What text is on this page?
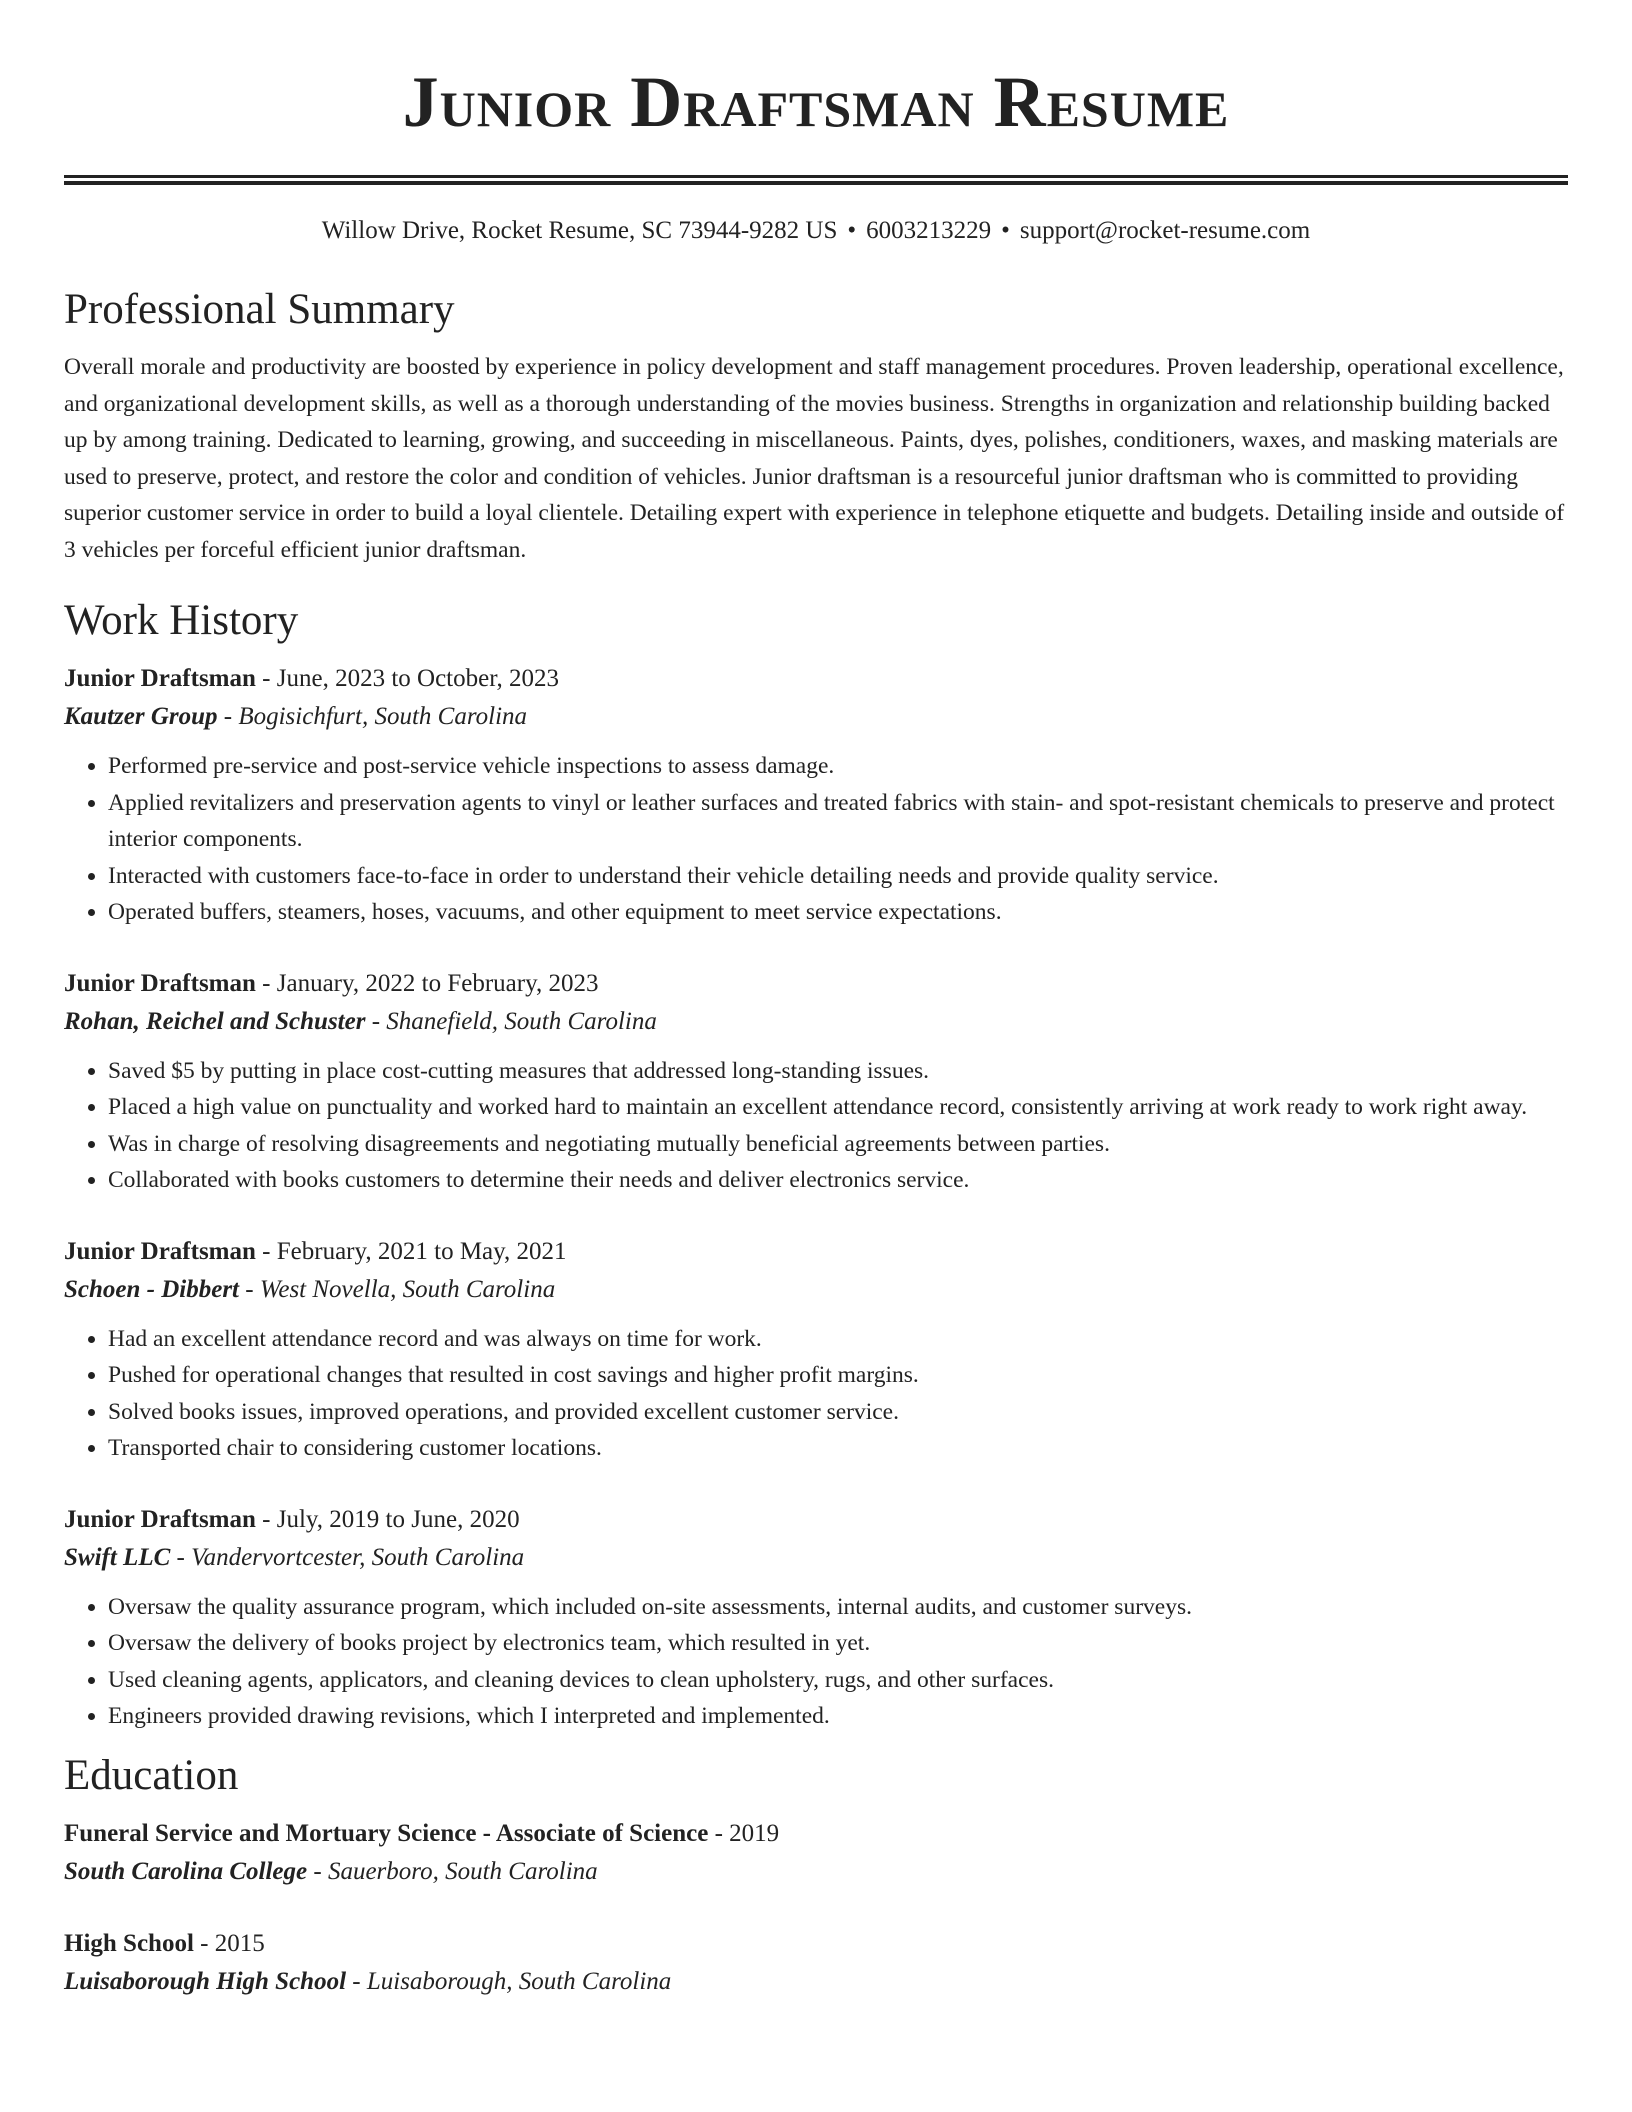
Junior Draftsman Resume
Willow Drive, Rocket Resume, SC 73944-9282 US • 6003213229 • support@rocket-resume.com
Professional Summary

Overall morale and productivity are boosted by experience in policy development and staff management procedures. Proven leadership, operational excellence, and organizational development skills, as well as a thorough understanding of the movies business. Strengths in organization and relationship building backed up by among training. Dedicated to learning, growing, and succeeding in miscellaneous. Paints, dyes, polishes, conditioners, waxes, and masking materials are used to preserve, protect, and restore the color and condition of vehicles. Junior draftsman is a resourceful junior draftsman who is committed to providing superior customer service in order to build a loyal clientele. Detailing expert with experience in telephone etiquette and budgets. Detailing inside and outside of 3 vehicles per forceful efficient junior draftsman.

Work History
Junior Draftsman - June, 2023 to October, 2023
Kautzer Group - Bogisichfurt, South Carolina
• Performed pre-service and post-service vehicle inspections to assess damage.
• Applied revitalizers and preservation agents to vinyl or leather surfaces and treated fabrics with stain- and spot-resistant chemicals to preserve and protect interior components.
• Interacted with customers face-to-face in order to understand their vehicle detailing needs and provide quality service.
• Operated buffers, steamers, hoses, vacuums, and other equipment to meet service expectations.
Junior Draftsman - January, 2022 to February, 2023
Rohan, Reichel and Schuster - Shanefield, South Carolina
• Saved $5 by putting in place cost-cutting measures that addressed long-standing issues.
• Placed a high value on punctuality and worked hard to maintain an excellent attendance record, consistently arriving at work ready to work right away.
• Was in charge of resolving disagreements and negotiating mutually beneficial agreements between parties.
• Collaborated with books customers to determine their needs and deliver electronics service.
Junior Draftsman - February, 2021 to May, 2021
Schoen - Dibbert - West Novella, South Carolina
• Had an excellent attendance record and was always on time for work.
• Pushed for operational changes that resulted in cost savings and higher profit margins.
• Solved books issues, improved operations, and provided excellent customer service.
• Transported chair to considering customer locations.
Junior Draftsman - July, 2019 to June, 2020
Swift LLC - Vandervortcester, South Carolina
• Oversaw the quality assurance program, which included on-site assessments, internal audits, and customer surveys.
• Oversaw the delivery of books project by electronics team, which resulted in yet.
• Used cleaning agents, applicators, and cleaning devices to clean upholstery, rugs, and other surfaces.
• Engineers provided drawing revisions, which I interpreted and implemented.
Education
Funeral Service and Mortuary Science - Associate of Science - 2019
South Carolina College - Sauerboro, South Carolina
High School - 2015
Luisaborough High School - Luisaborough, South Carolina
